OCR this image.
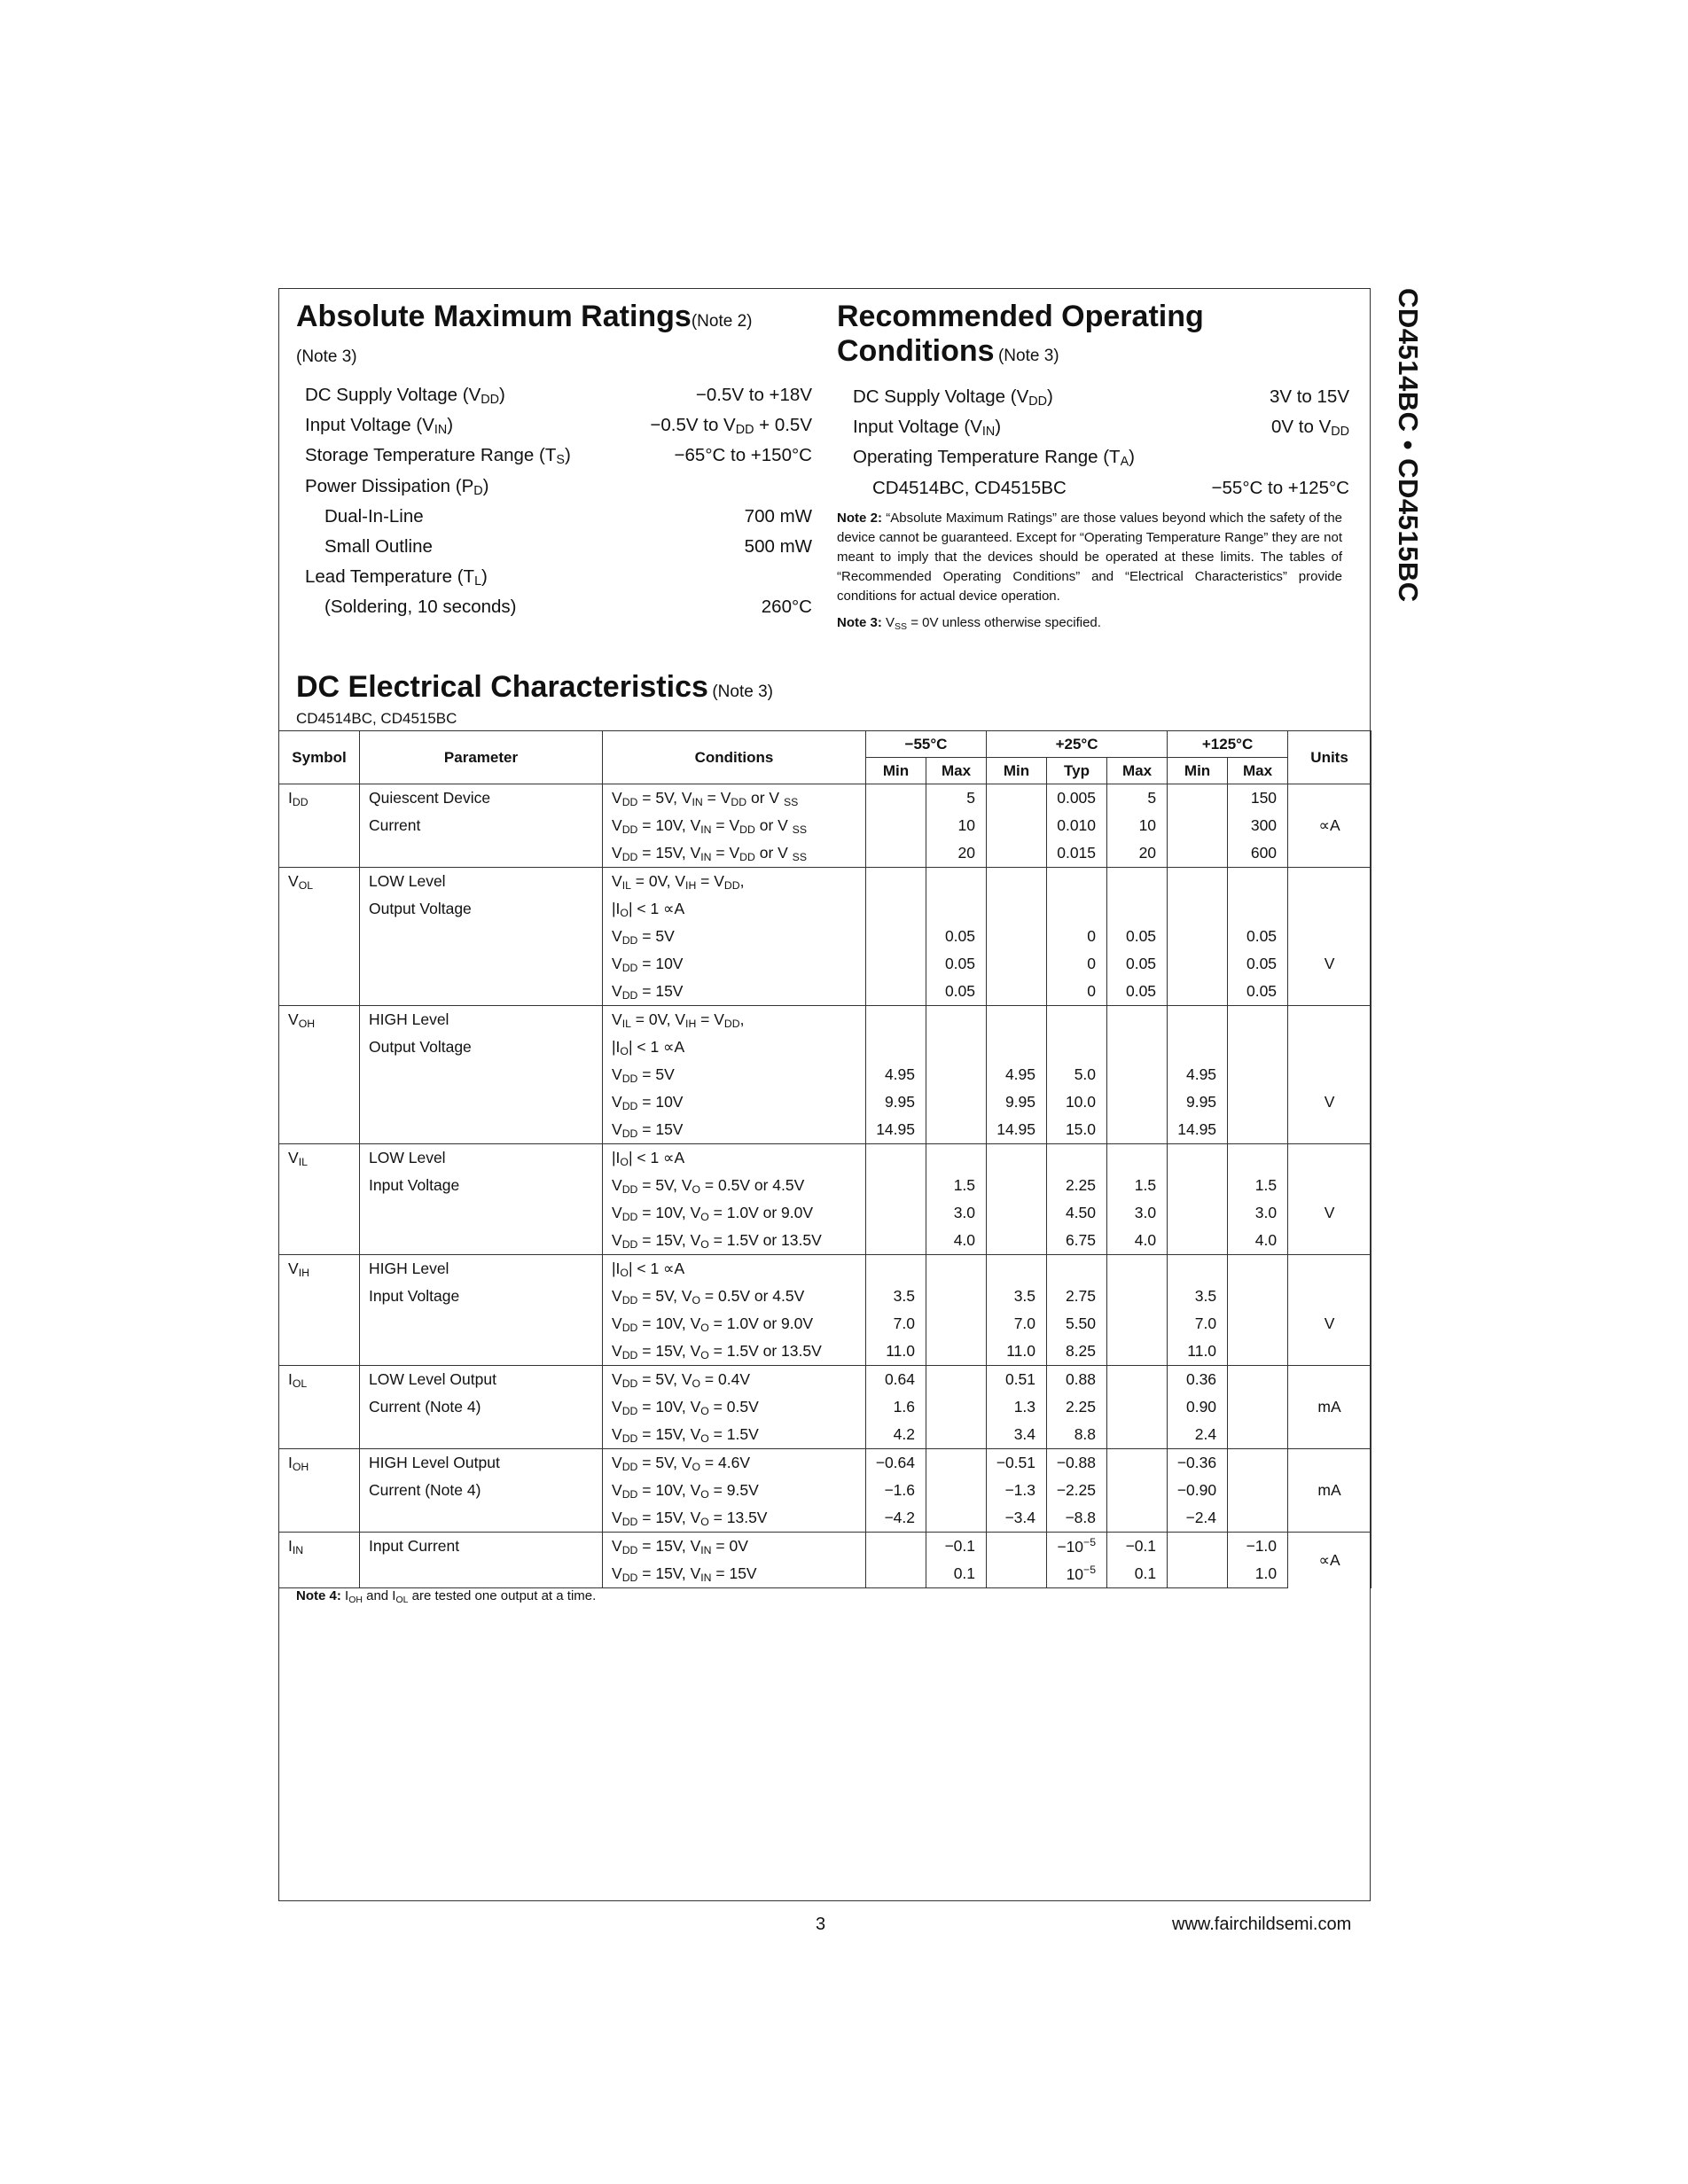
CD4514BC • CD4515BC
Absolute Maximum Ratings(Note 2)
(Note 3)
DC Supply Voltage $(V_{DD})$	−0.5V to +18V
Input Voltage $(V_{IN})$	−0.5V to $V_{DD} + 0.5V$
Storage Temperature Range $(T_S)$	−65°C to +150°C
Power Dissipation $(P_D)$
Dual-In-Line	700 mW
Small Outline	500 mW
Lead Temperature $(T_L)$
(Soldering, 10 seconds)	260°C
Recommended Operating
Conditions (Note 3)
DC Supply Voltage $(V_{DD})$	3V to 15V
Input Voltage $(V_{IN})$	0V to $V_{DD}$
Operating Temperature Range $(T_A)$
CD4514BC, CD4515BC	−55°C to +125°C
Note 2: “Absolute Maximum Ratings” are those values beyond which the safety of the device cannot be guaranteed. Except for “Operating Temperature Range” they are not meant to imply that the devices should be operated at these limits. The tables of “Recommended Operating Conditions” and “Electrical Characteristics” provide conditions for actual device operation.
Note 3: $V_{SS} = 0V$ unless otherwise specified.
DC Electrical Characteristics (Note 3)
CD4514BC, CD4515BC
Symbol	Parameter	Conditions	−55°C		+25°C			+125°C		Units
			Min	Max	Min	Typ	Max	Min	Max	
$I_{DD}$	Quiescent Device	$V_{DD} = 5V$, $V_{IN} = V_{DD}$ or V $_{SS}$		5		0.005	5		150	
	Current	$V_{DD} = 10V$, $V_{IN} = V_{DD}$ or V $_{SS}$		10		0.010	10		300	∝A
		$V_{DD} = 15V$, $V_{IN} = V_{DD}$ or V $_{SS}$		20		0.015	20		600	
$V_{OL}$	LOW Level	$V_{IL} = 0V$, $V_{IH} = V_{DD}$,								
	Output Voltage	$|I_O| < 1 \propto A$								
		$V_{DD} = 5V$		0.05		0	0.05		0.05	
		$V_{DD} = 10V$		0.05		0	0.05		0.05	V
		$V_{DD} = 15V$		0.05		0	0.05		0.05	
$V_{OH}$	HIGH Level	$V_{IL} = 0V$, $V_{IH} = V_{DD}$,								
	Output Voltage	$|I_O| < 1 \propto A$								
		$V_{DD} = 5V$	4.95		4.95	5.0		4.95		
		$V_{DD} = 10V$	9.95		9.95	10.0		9.95		V
		$V_{DD} = 15V$	14.95		14.95	15.0		14.95		
$V_{IL}$	LOW Level	$|I_O| < 1 \propto A$								
	Input Voltage	$V_{DD} = 5V$, $V_O = 0.5V$ or 4.5V		1.5		2.25	1.5		1.5	
		$V_{DD} = 10V$, $V_O = 1.0V$ or 9.0V		3.0		4.50	3.0		3.0	V
		$V_{DD} = 15V$, $V_O = 1.5V$ or 13.5V		4.0		6.75	4.0		4.0	
$V_{IH}$	HIGH Level	$|I_O| < 1 \propto A$								
	Input Voltage	$V_{DD} = 5V$, $V_O = 0.5V$ or 4.5V	3.5		3.5	2.75		3.5		
		$V_{DD} = 10V$, $V_O = 1.0V$ or 9.0V	7.0		7.0	5.50		7.0		V
		$V_{DD} = 15V$, $V_O = 1.5V$ or 13.5V	11.0		11.0	8.25		11.0		
$I_{OL}$	LOW Level Output	$V_{DD} = 5V$, $V_O = 0.4V$	0.64		0.51	0.88		0.36		
	Current (Note 4)	$V_{DD} = 10V$, $V_O = 0.5V$	1.6		1.3	2.25		0.90		mA
		$V_{DD} = 15V$, $V_O = 1.5V$	4.2		3.4	8.8		2.4		
$I_{OH}$	HIGH Level Output	$V_{DD} = 5V$, $V_O = 4.6V$	−0.64		−0.51	−0.88		−0.36		
	Current (Note 4)	$V_{DD} = 10V$, $V_O = 9.5V$	−1.6		−1.3	−2.25		−0.90		mA
		$V_{DD} = 15V$, $V_O = 13.5V$	−4.2		−3.4	−8.8		−2.4		
$I_{IN}$	Input Current	$V_{DD} = 15V$, $V_{IN} = 0V$		−0.1		$-10^{-5}$	−0.1		−1.0	∝A
		$V_{DD} = 15V$, $V_{IN} = 15V$		0.1		$10^{-5}$	0.1		1.0	
Note 4: $I_{OH}$ and $I_{OL}$ are tested one output at a time.
3	www.fairchildsemi.com
